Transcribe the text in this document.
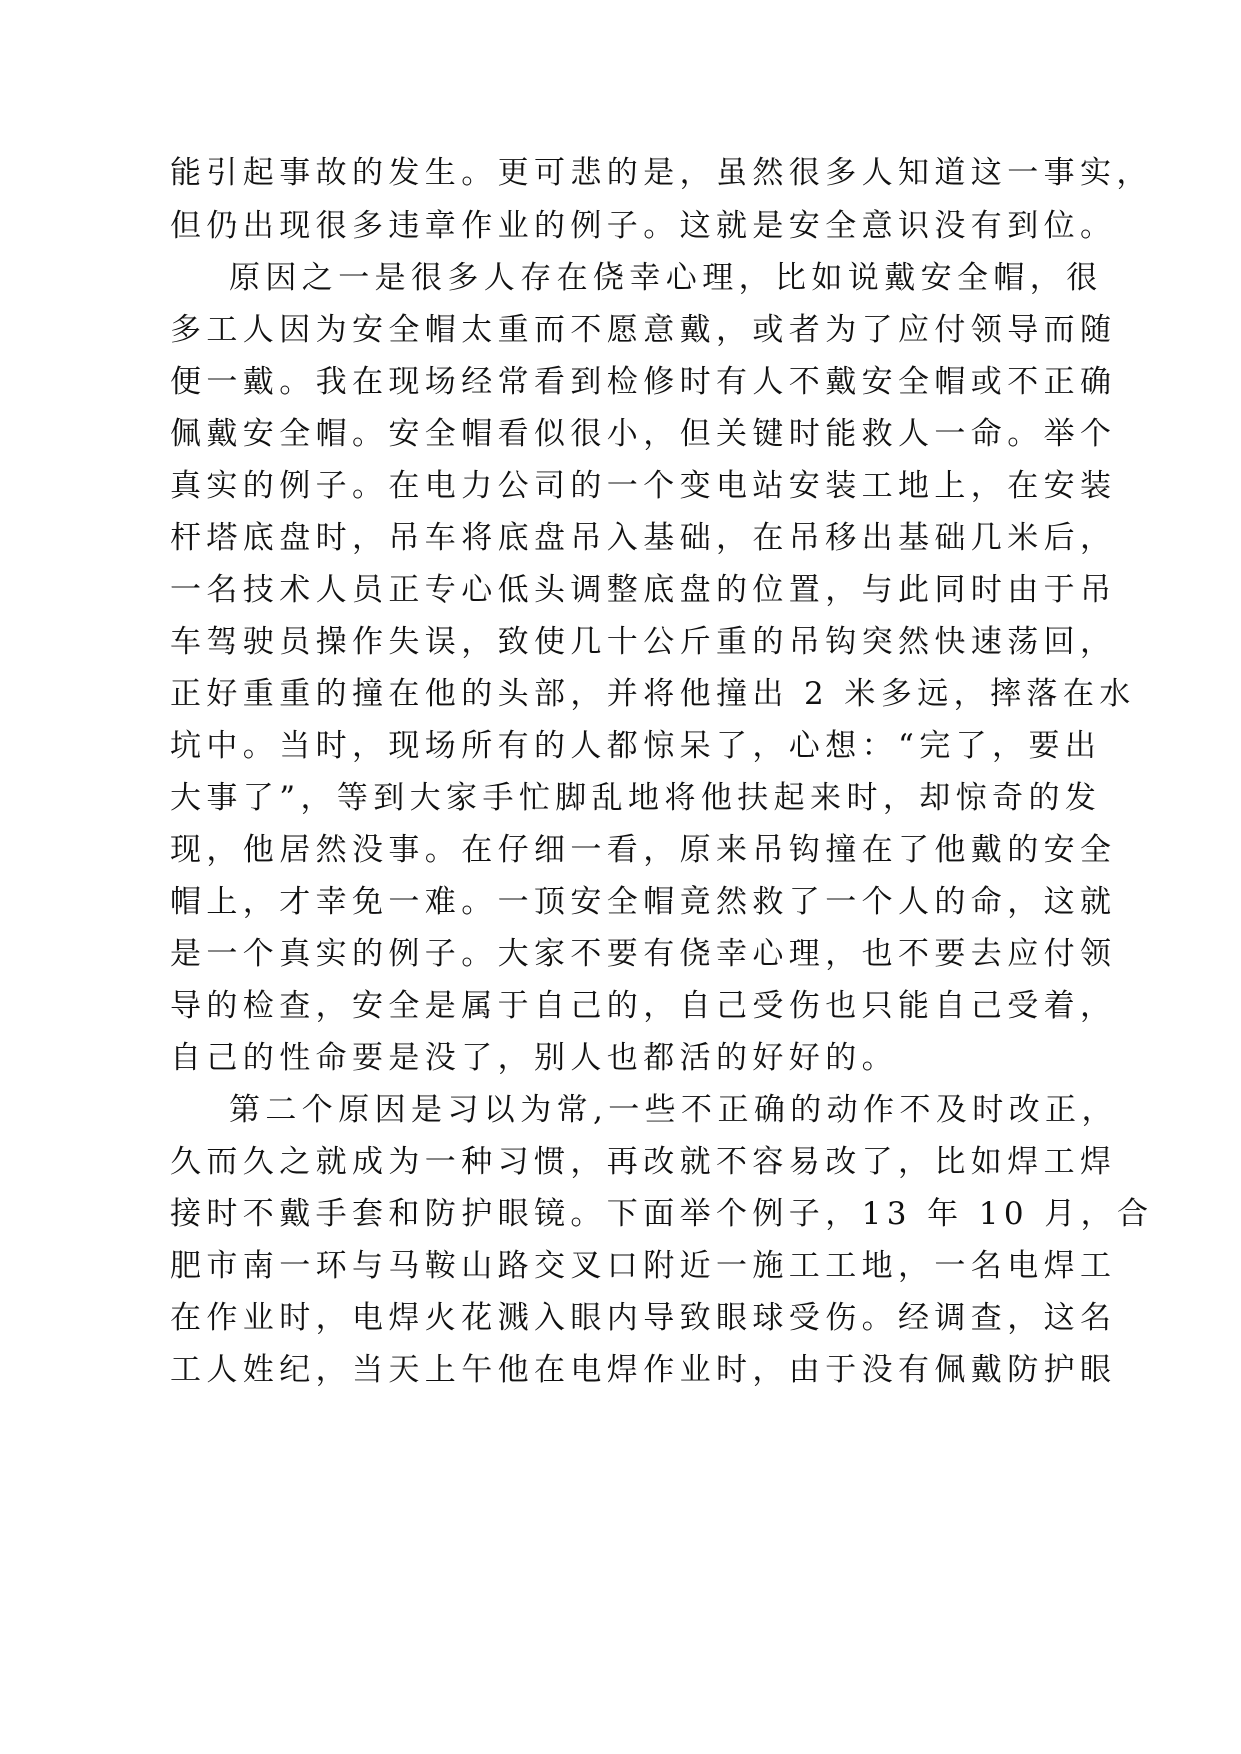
能引起事故的发生。更可悲的是，虽然很多人知道这一事实，
但仍出现很多违章作业的例子。这就是安全意识没有到位。
原因之一是很多人存在侥幸心理，比如说戴安全帽，很
多工人因为安全帽太重而不愿意戴，或者为了应付领导而随
便一戴。我在现场经常看到检修时有人不戴安全帽或不正确
佩戴安全帽。安全帽看似很小，但关键时能救人一命。举个
真实的例子。在电力公司的一个变电站安装工地上，在安装
杆塔底盘时，吊车将底盘吊入基础，在吊移出基础几米后，
一名技术人员正专心低头调整底盘的位置，与此同时由于吊
车驾驶员操作失误，致使几十公斤重的吊钩突然快速荡回，
正好重重的撞在他的头部，并将他撞出 2 米多远，摔落在水
坑中。当时，现场所有的人都惊呆了，心想：“完了，要出
大事了”，等到大家手忙脚乱地将他扶起来时，却惊奇的发
现，他居然没事。在仔细一看，原来吊钩撞在了他戴的安全
帽上，才幸免一难。一顶安全帽竟然救了一个人的命，这就
是一个真实的例子。大家不要有侥幸心理，也不要去应付领
导的检查，安全是属于自己的，自己受伤也只能自己受着，
自己的性命要是没了，别人也都活的好好的。
第二个原因是习以为常,一些不正确的动作不及时改正，
久而久之就成为一种习惯，再改就不容易改了，比如焊工焊
接时不戴手套和防护眼镜。下面举个例子，13 年 10 月，合
肥市南一环与马鞍山路交叉口附近一施工工地，一名电焊工
在作业时，电焊火花溅入眼内导致眼球受伤。经调查，这名
工人姓纪，当天上午他在电焊作业时，由于没有佩戴防护眼
